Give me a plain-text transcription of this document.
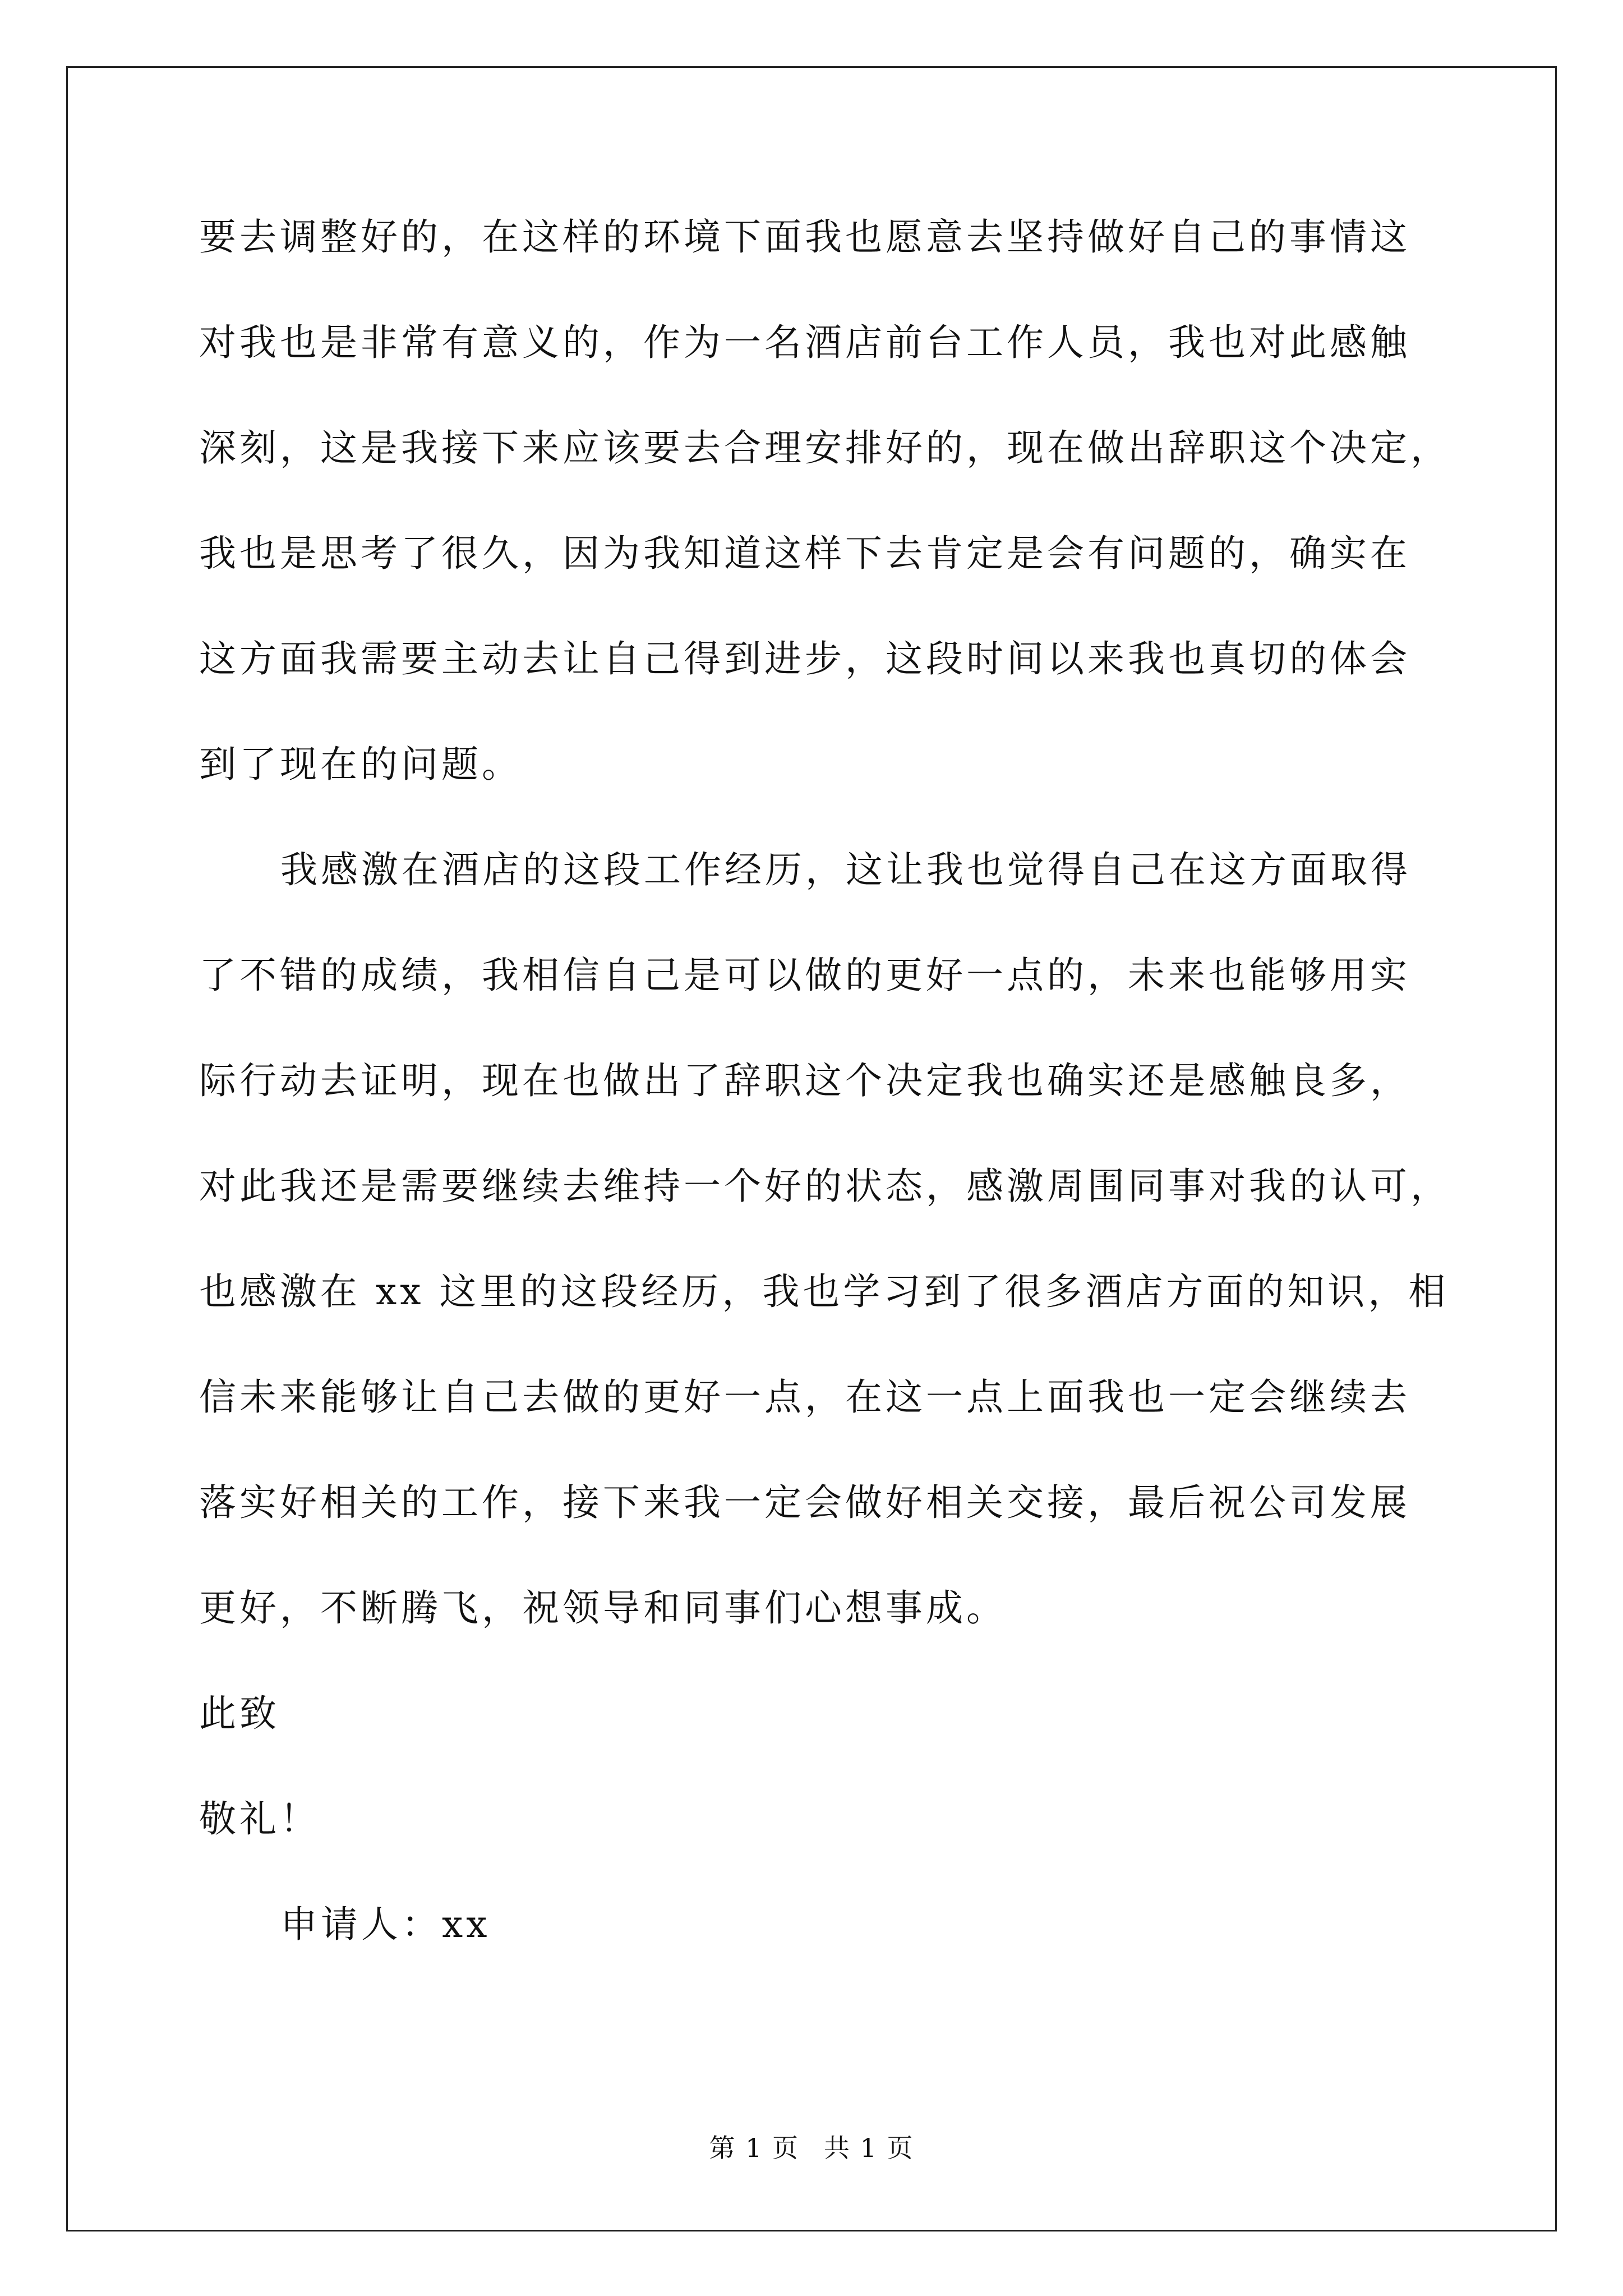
要去调整好的，在这样的环境下面我也愿意去坚持做好自己的事情这
对我也是非常有意义的，作为一名酒店前台工作人员，我也对此感触
深刻，这是我接下来应该要去合理安排好的，现在做出辞职这个决定，
我也是思考了很久，因为我知道这样下去肯定是会有问题的，确实在
这方面我需要主动去让自己得到进步，这段时间以来我也真切的体会
到了现在的问题。
我感激在酒店的这段工作经历，这让我也觉得自己在这方面取得
了不错的成绩，我相信自己是可以做的更好一点的，未来也能够用实
际行动去证明，现在也做出了辞职这个决定我也确实还是感触良多，
对此我还是需要继续去维持一个好的状态，感激周围同事对我的认可，
也感激在 xx 这里的这段经历，我也学习到了很多酒店方面的知识，相
信未来能够让自己去做的更好一点，在这一点上面我也一定会继续去
落实好相关的工作，接下来我一定会做好相关交接，最后祝公司发展
更好，不断腾飞，祝领导和同事们心想事成。
此致
敬礼！
申请人：xx
第 1 页 共 1 页
